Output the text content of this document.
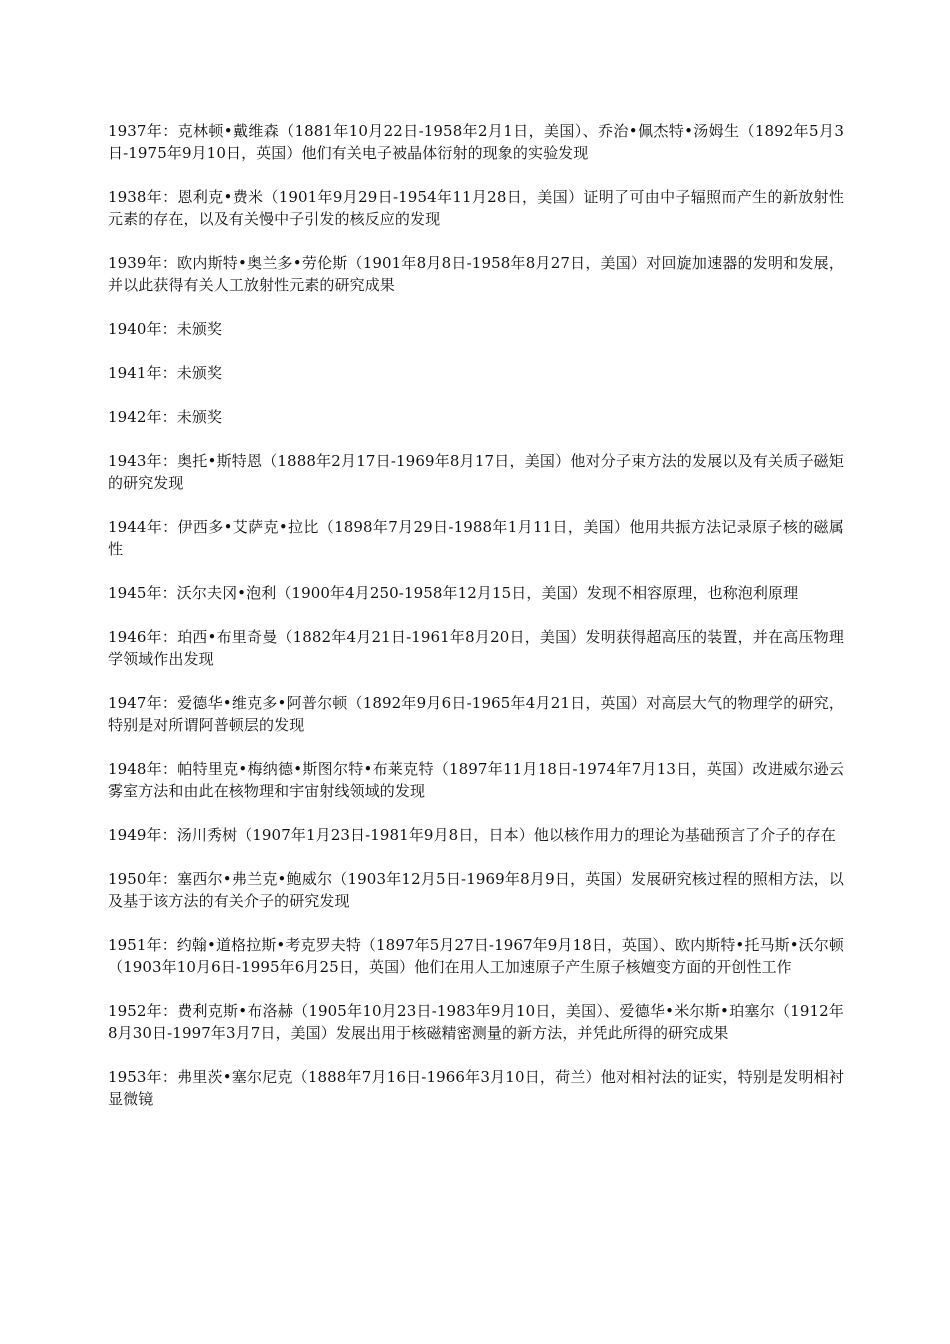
1937年：克林顿•戴维森（1881年10月22日-1958年2月1日，美国）、乔治•佩杰特•汤姆生（1892年5月3日-1975年9月10日，英国）他们有关电子被晶体衍射的现象的实验发现

1938年：恩利克•费米（1901年9月29日-1954年11月28日，美国）证明了可由中子辐照而产生的新放射性元素的存在，以及有关慢中子引发的核反应的发现

1939年：欧内斯特•奥兰多•劳伦斯（1901年8月8日-1958年8月27日，美国）对回旋加速器的发明和发展，并以此获得有关人工放射性元素的研究成果

1940年：未颁奖

1941年：未颁奖

1942年：未颁奖

1943年：奥托•斯特恩（1888年2月17日-1969年8月17日，美国）他对分子束方法的发展以及有关质子磁矩的研究发现

1944年：伊西多•艾萨克•拉比（1898年7月29日-1988年1月11日，美国）他用共振方法记录原子核的磁属性

1945年：沃尔夫冈•泡利（1900年4月250-1958年12月15日，美国）发现不相容原理，也称泡利原理

1946年：珀西•布里奇曼（1882年4月21日-1961年8月20日，美国）发明获得超高压的装置，并在高压物理学领域作出发现

1947年：爱德华•维克多•阿普尔顿（1892年9月6日-1965年4月21日，英国）对高层大气的物理学的研究，特别是对所谓阿普顿层的发现

1948年：帕特里克•梅纳德•斯图尔特•布莱克特（1897年11月18日-1974年7月13日，英国）改进威尔逊云雾室方法和由此在核物理和宇宙射线领域的发现

1949年：汤川秀树（1907年1月23日-1981年9月8日，日本）他以核作用力的理论为基础预言了介子的存在

1950年：塞西尔•弗兰克•鲍威尔（1903年12月5日-1969年8月9日，英国）发展研究核过程的照相方法，以及基于该方法的有关介子的研究发现

1951年：约翰•道格拉斯•考克罗夫特（1897年5月27日-1967年9月18日，英国）、欧内斯特•托马斯•沃尔顿（1903年10月6日-1995年6月25日，英国）他们在用人工加速原子产生原子核嬗变方面的开创性工作

1952年：费利克斯•布洛赫（1905年10月23日-1983年9月10日，美国）、爱德华•米尔斯•珀塞尔（1912年8月30日-1997年3月7日，美国）发展出用于核磁精密测量的新方法，并凭此所得的研究成果

1953年：弗里茨•塞尔尼克（1888年7月16日-1966年3月10日，荷兰）他对相衬法的证实，特别是发明相衬显微镜
